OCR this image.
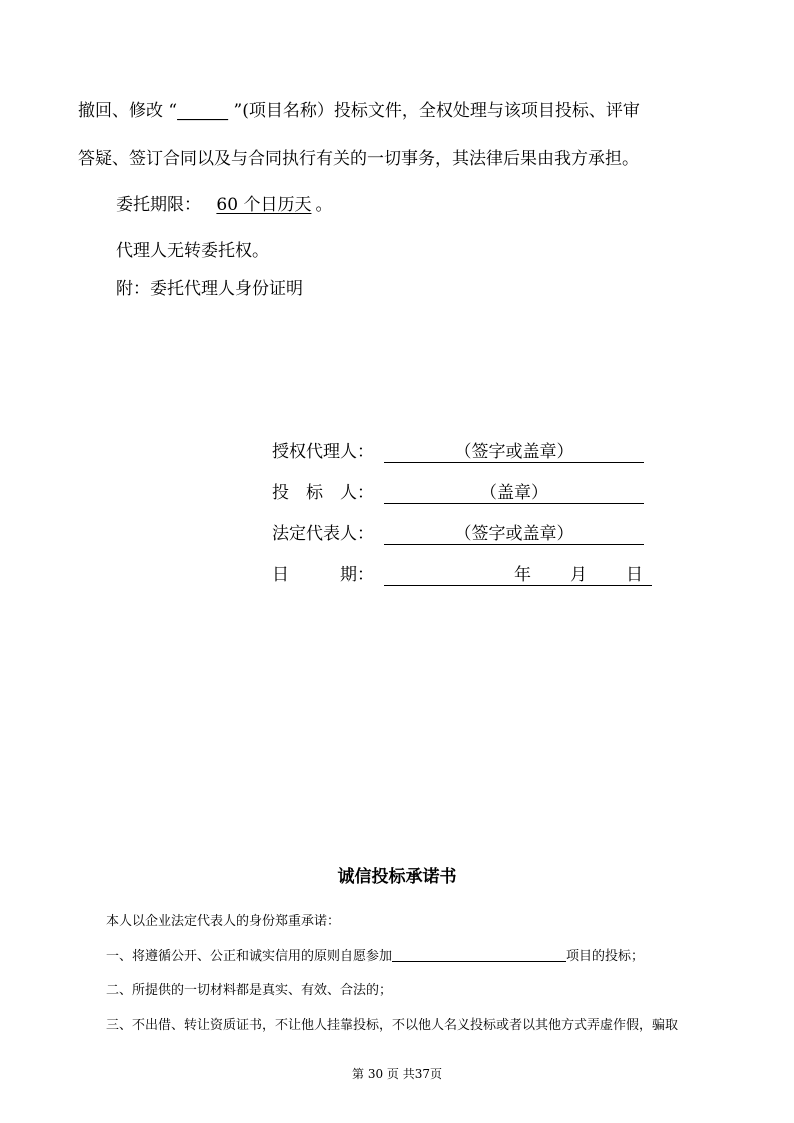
撤回、修改 “______ ”(项目名称）投标文件，全权处理与该项目投标、评审
答疑、签订合同以及与合同执行有关的一切事务，其法律后果由我方承担。
委托期限： 60 个日历天 。
代理人无转委托权。
附：委托代理人身份证明
授权代理人：	（签字或盖章）
投　标　人：	（盖章）
法定代表人：	（签字或盖章）
日　　　期：	年 月 日
诚信投标承诺书
本人以企业法定代表人的身份郑重承诺：
一、将遵循公开、公正和诚实信用的原则自愿参加	项目的投标；
二、所提供的一切材料都是真实、有效、合法的；
三、不出借、转让资质证书，不让他人挂靠投标，不以他人名义投标或者以其他方式弄虚作假，骗取
第 30 页 共37页
